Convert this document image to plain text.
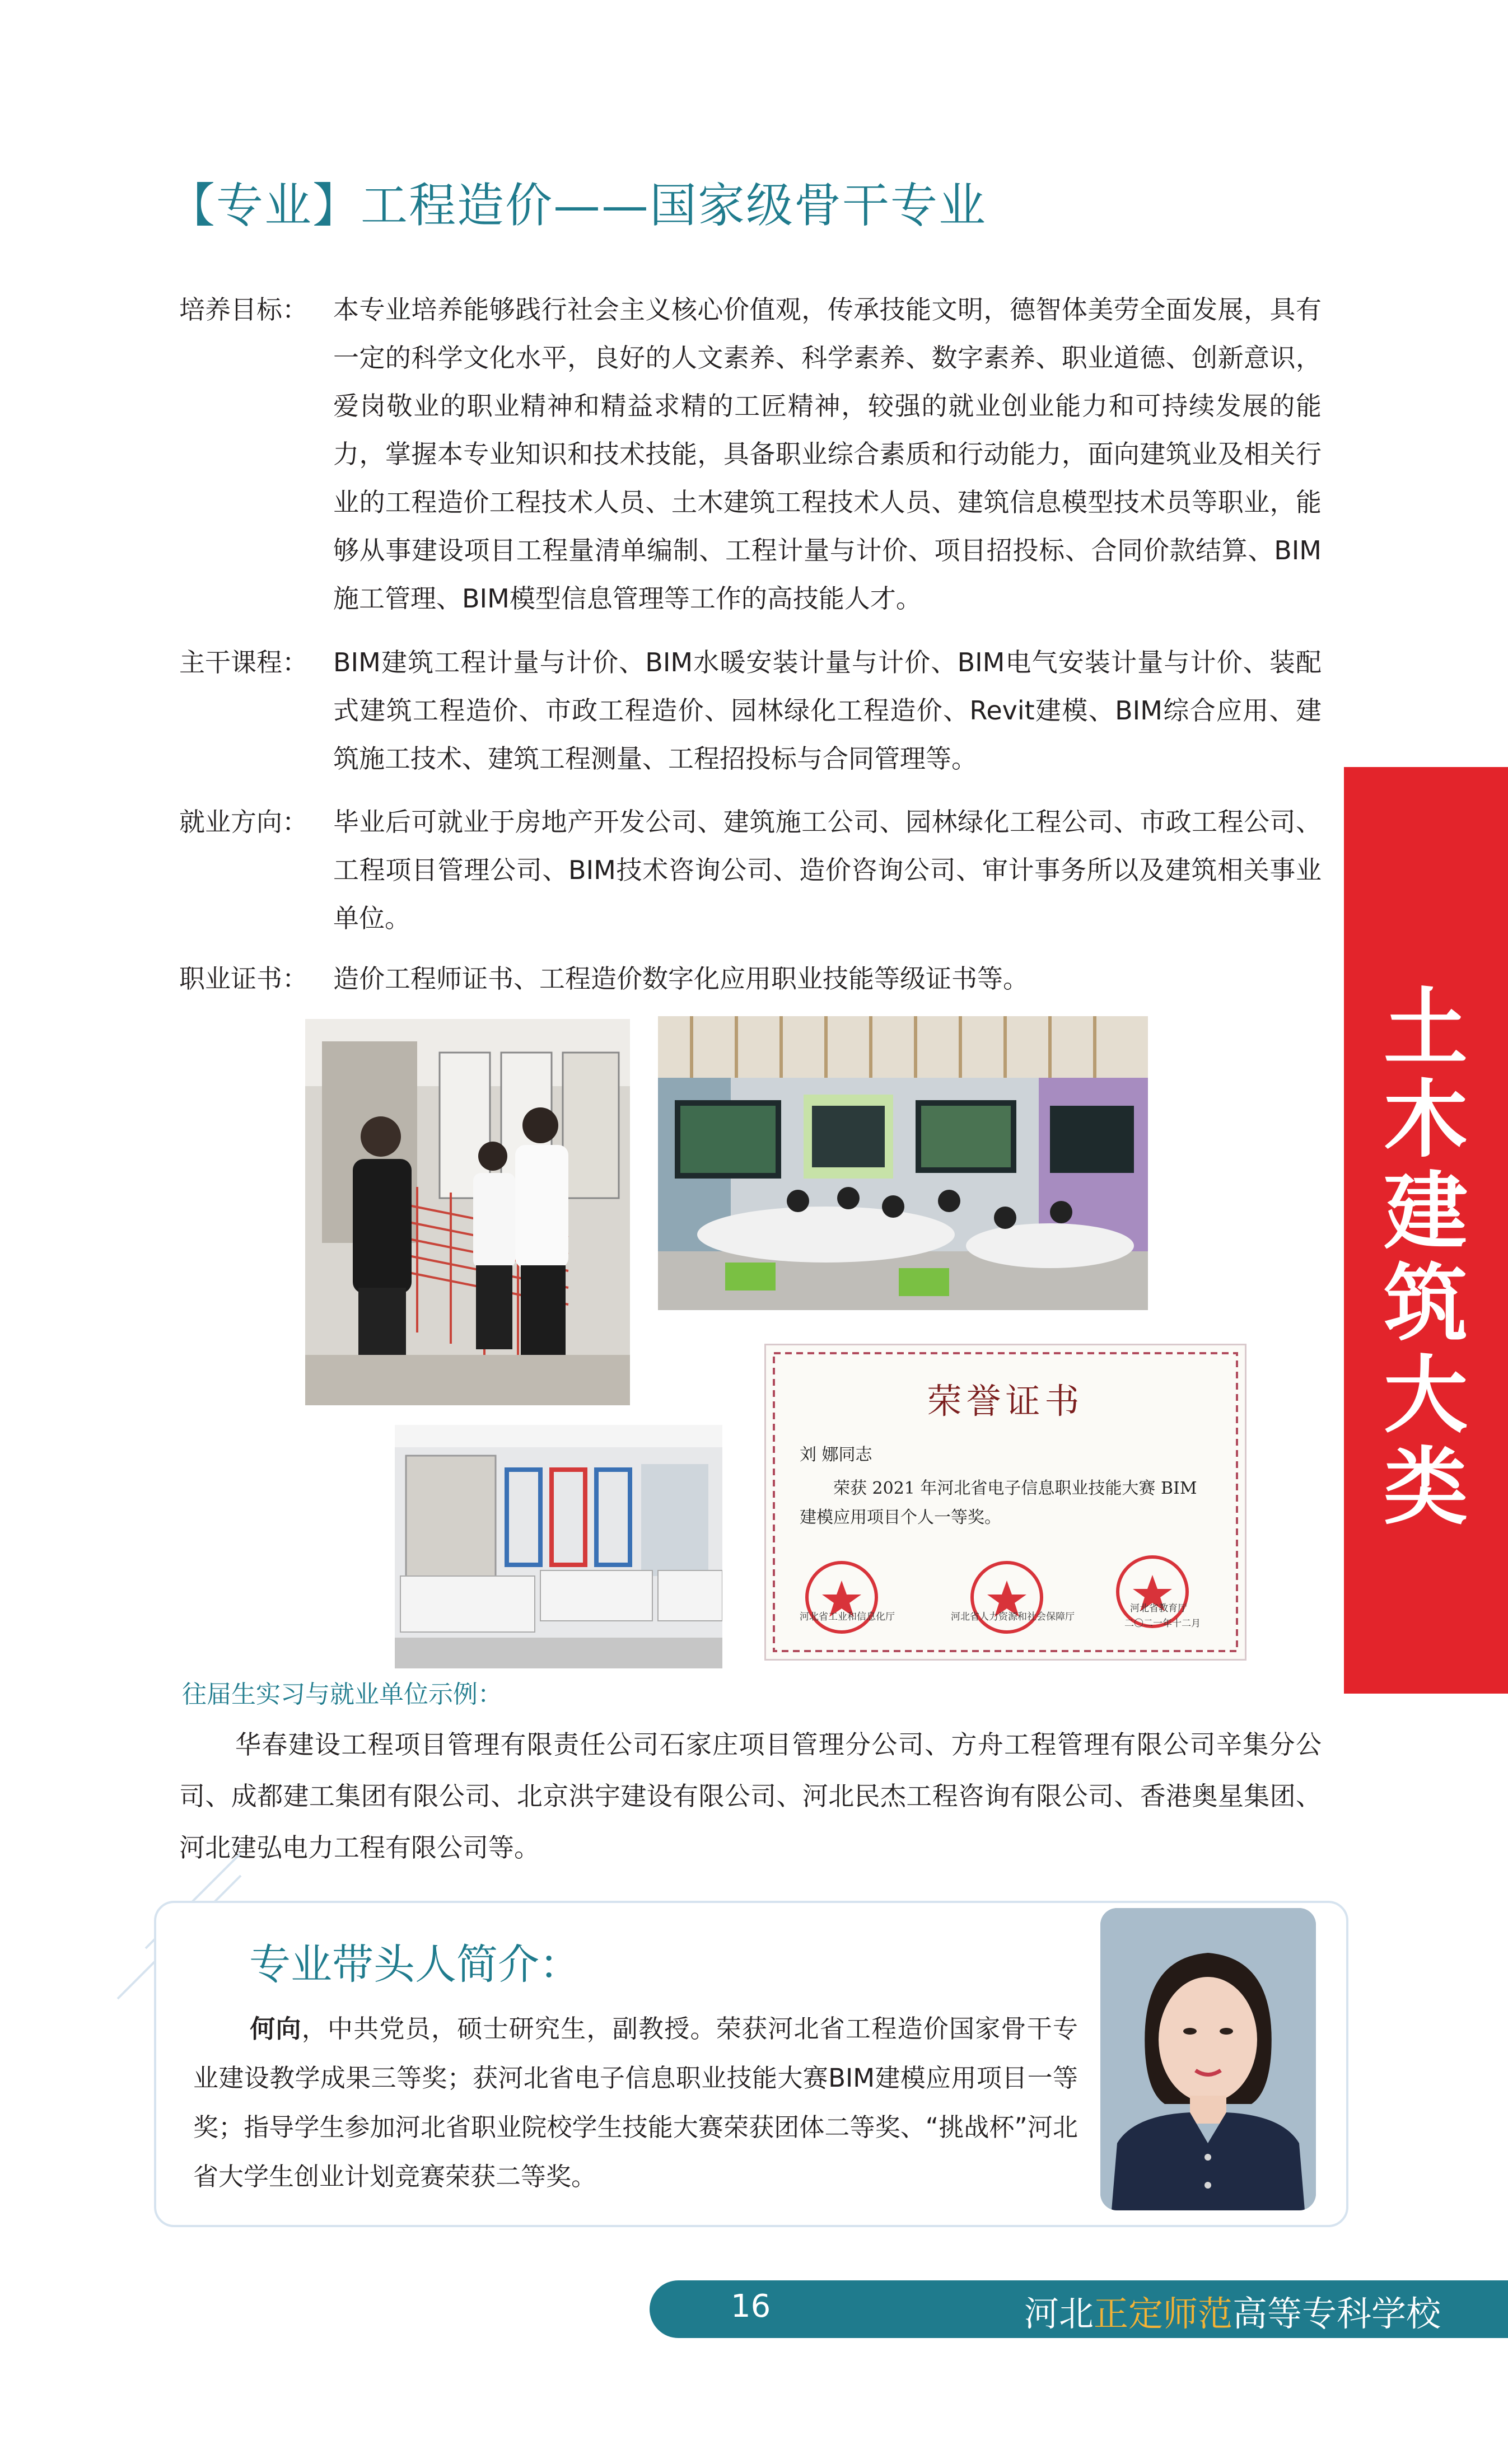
【专业】工程造价——国家级骨干专业
培养目标： 本专业培养能够践行社会主义核心价值观，传承技能文明，德智体美劳全面发展，具有一定的科学文化水平，良好的人文素养、科学素养、数字素养、职业道德、创新意识，爱岗敬业的职业精神和精益求精的工匠精神，较强的就业创业能力和可持续发展的能力，掌握本专业知识和技术技能，具备职业综合素质和行动能力，面向建筑业及相关行业的工程造价工程技术人员、土木建筑工程技术人员、建筑信息模型技术员等职业，能够从事建设项目工程量清单编制、工程计量与计价、项目招投标、合同价款结算、BIM施工管理、BIM模型信息管理等工作的高技能人才。
主干课程： BIM建筑工程计量与计价、BIM水暖安装计量与计价、BIM电气安装计量与计价、装配式建筑工程造价、市政工程造价、园林绿化工程造价、Revit建模、BIM综合应用、建筑施工技术、建筑工程测量、工程招投标与合同管理等。
就业方向： 毕业后可就业于房地产开发公司、建筑施工公司、园林绿化工程公司、市政工程公司、工程项目管理公司、BIM技术咨询公司、造价咨询公司、审计事务所以及建筑相关事业单位。
职业证书： 造价工程师证书、工程造价数字化应用职业技能等级证书等。
荣誉证书
刘 娜同志
荣获 2021 年河北省电子信息职业技能大赛 BIM 建模应用项目个人一等奖。
河北省工业和信息化厅	河北省人力资源和社会保障厅
河北省教育厅
二〇二一年十二月
土木建筑大类
往届生实习与就业单位示例：
华春建设工程项目管理有限责任公司石家庄项目管理分公司、方舟工程管理有限公司辛集分公司、成都建工集团有限公司、北京洪宇建设有限公司、河北民杰工程咨询有限公司、香港奥星集团、河北建弘电力工程有限公司等。
专业带头人简介：
何向，中共党员，硕士研究生，副教授。荣获河北省工程造价国家骨干专业建设教学成果三等奖；获河北省电子信息职业技能大赛BIM建模应用项目一等奖；指导学生参加河北省职业院校学生技能大赛荣获团体二等奖、“挑战杯”河北省大学生创业计划竞赛荣获二等奖。
16	河北正定师范高等专科学校
